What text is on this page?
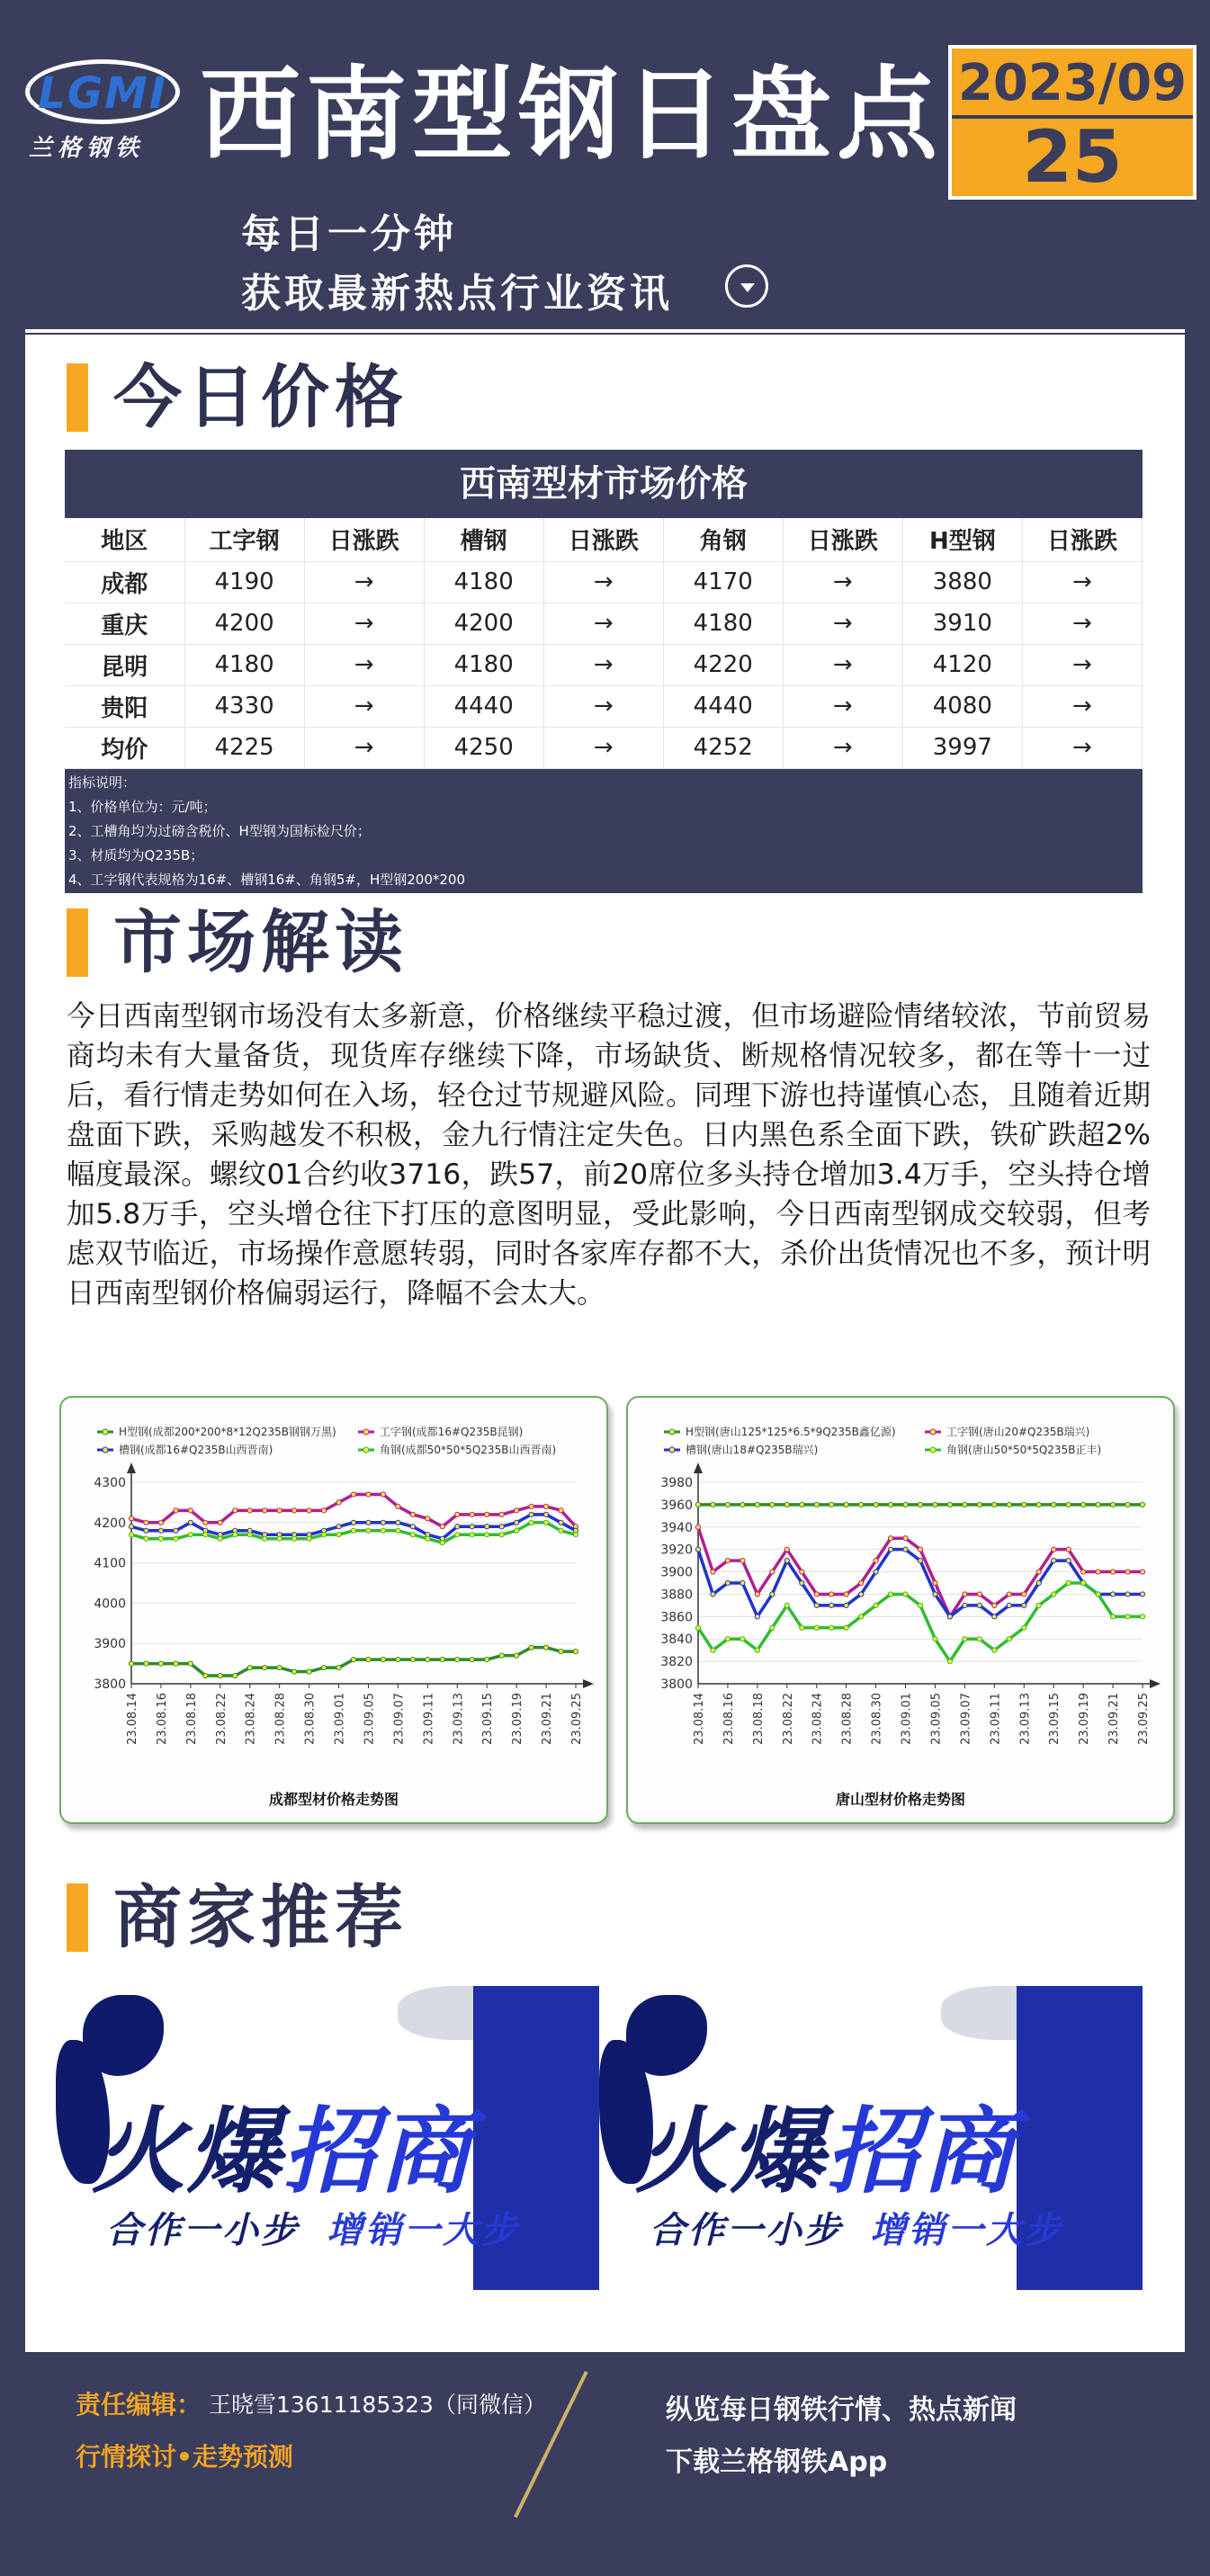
LGMI
兰格钢铁 西南型钢日盘点 2023/09
25
每日一分钟
获取最新热点行业资讯
今日价格
西南型材市场价格
地区	工字钢	日涨跌	槽钢	日涨跌	角钢	日涨跌	H型钢	日涨跌
成都	4190	→	4180	→	4170	→	3880	→
重庆	4200	→	4200	→	4180	→	3910	→
昆明	4180	→	4180	→	4220	→	4120	→
贵阳	4330	→	4440	→	4440	→	4080	→
均价	4225	→	4250	→	4252	→	3997	→
指标说明：
1、价格单位为：元/吨；
2、工槽角均为过磅含税价、H型钢为国标检尺价；
3、材质均为Q235B；
4、工字钢代表规格为16#、槽钢16#、角钢5#，H型钢200*200
市场解读
今日西南型钢市场没有太多新意，价格继续平稳过渡，但市场避险情绪较浓，节前贸易商均未有大量备货，现货库存继续下降，市场缺货、断规格情况较多，都在等十一过后，看行情走势如何在入场，轻仓过节规避风险。同理下游也持谨慎心态，且随着近期盘面下跌，采购越发不积极，金九行情注定失色。日内黑色系全面下跌，铁矿跌超2%幅度最深。螺纹01合约收3716，跌57，前20席位多头持仓增加3.4万手，空头持仓增加5.8万手，空头增仓往下打压的意图明显，受此影响，今日西南型钢成交较弱，但考虑双节临近，市场操作意愿转弱，同时各家库存都不大，杀价出货情况也不多，预计明日西南型钢价格偏弱运行，降幅不会太大。
H型钢(成都200*200*8*12Q235B钢钢万黑)	工字钢(成都16#Q235B昆钢)
槽钢(成都16#Q235B山西晋南)	角钢(成都50*50*5Q235B山西晋南)
3800
3900
4000
4100
4200
4300
23.08.14 23.08.16 23.08.18 23.08.22 23.08.24 23.08.28 23.08.30 23.09.01 23.09.05 23.09.07 23.09.11 23.09.13 23.09.15 23.09.19 23.09.21 23.09.25
成都型材价格走势图
H型钢(唐山125*125*6.5*9Q235B鑫亿源)	工字钢(唐山20#Q235B瑞兴)
槽钢(唐山18#Q235B瑞兴)	角钢(唐山50*50*5Q235B正丰)
3800
3820
3840
3860
3880
3900
3920
3940
3960
3980
23.08.14 23.08.16 23.08.18 23.08.22 23.08.24 23.08.28 23.08.30 23.09.01 23.09.05 23.09.07 23.09.11 23.09.13 23.09.15 23.09.19 23.09.21 23.09.25
唐山型材价格走势图
商家推荐
火爆招商
合作一小步 增销一大步
火爆招商
合作一小步 增销一大步
责任编辑： 王晓雪13611185323（同微信）
行情探讨•走势预测
纵览每日钢铁行情、热点新闻
下载兰格钢铁App
